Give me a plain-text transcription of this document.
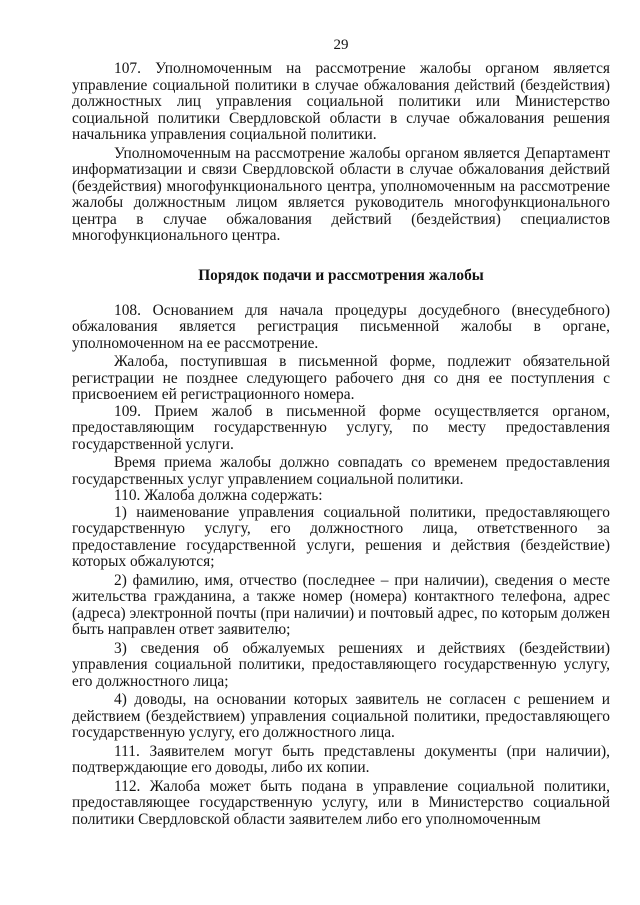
29

107. Уполномоченным на рассмотрение жалобы органом является управление социальной политики в случае обжалования действий (бездействия) должностных лиц управления социальной политики или Министерство социальной политики Свердловской области в случае обжалования решения начальника управления социальной политики.

Уполномоченным на рассмотрение жалобы органом является Департамент информатизации и связи Свердловской области в случае обжалования действий (бездействия) многофункционального центра, уполномоченным на рассмотрение жалобы должностным лицом является руководитель многофункционального центра в случае обжалования действий (бездействия) специалистов многофункционального центра.

Порядок подачи и рассмотрения жалобы

108. Основанием для начала процедуры досудебного (внесудебного) обжалования является регистрация письменной жалобы в органе, уполномоченном на ее рассмотрение.

Жалоба, поступившая в письменной форме, подлежит обязательной регистрации не позднее следующего рабочего дня со дня ее поступления с присвоением ей регистрационного номера.

109. Прием жалоб в письменной форме осуществляется органом, предоставляющим государственную услугу, по месту предоставления государственной услуги.

Время приема жалобы должно совпадать со временем предоставления государственных услуг управлением социальной политики.

110. Жалоба должна содержать:

1) наименование управления социальной политики, предоставляющего государственную услугу, его должностного лица, ответственного за предоставление государственной услуги, решения и действия (бездействие) которых обжалуются;

2) фамилию, имя, отчество (последнее – при наличии), сведения о месте жительства гражданина, а также номер (номера) контактного телефона, адрес (адреса) электронной почты (при наличии) и почтовый адрес, по которым должен быть направлен ответ заявителю;

3) сведения об обжалуемых решениях и действиях (бездействии) управления социальной политики, предоставляющего государственную услугу, его должностного лица;

4) доводы, на основании которых заявитель не согласен с решением и действием (бездействием) управления социальной политики, предоставляющего государственную услугу, его должностного лица.

111. Заявителем могут быть представлены документы (при наличии), подтверждающие его доводы, либо их копии.

112. Жалоба может быть подана в управление социальной политики, предоставляющее государственную услугу, или в Министерство социальной политики Свердловской области заявителем либо его уполномоченным
